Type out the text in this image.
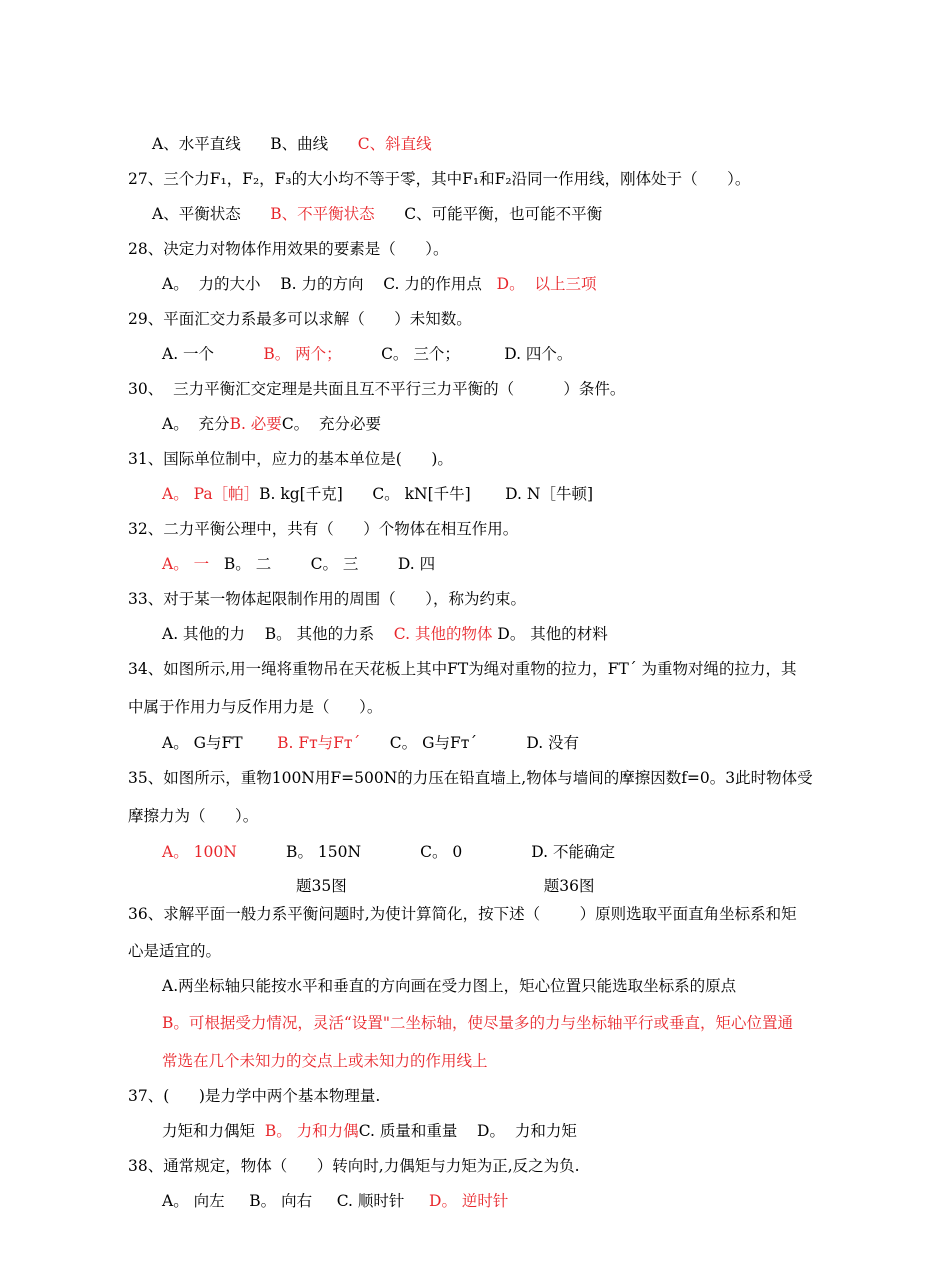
A、水平直线      B、曲线      C、斜直线
27、三个力F₁，F₂，F₃的大小均不等于零，其中F₁和F₂沿同一作用线，刚体处于（      ）。
A、平衡状态      B、不平衡状态      C、可能平衡，也可能不平衡
28、决定力对物体作用效果的要素是（      ）。
A。  力的大小    B. 力的方向    C. 力的作用点   D。  以上三项
29、平面汇交力系最多可以求解（      ）未知数。
A. 一个          B。 两个；        C。 三个；         D. 四个。
30、  三力平衡汇交定理是共面且互不平行三力平衡的（          ）条件。
A。  充分B. 必要C。  充分必要
31、国际单位制中，应力的基本单位是(      )。
A。 Pa［帕］B. kg[千克]      C。 kN[千牛]       D. N［牛顿]
32、二力平衡公理中，共有（      ）个物体在相互作用。
A。 一   B。 二        C。 三        D. 四
33、对于某一物体起限制作用的周围（      ），称为约束。
A. 其他的力    B。 其他的力系    C. 其他的物体 D。 其他的材料
34、如图所示,用一绳将重物吊在天花板上其中FT为绳对重物的拉力，FT´ 为重物对绳的拉力，其
中属于作用力与反作用力是（      ）。
A。 G与FT       B. Fᴛ与Fᴛ´      C。 G与Fᴛ´          D. 没有
35、如图所示，重物100N用F=500N的力压在铅直墙上,物体与墙间的摩擦因数f=0。3此时物体受
摩擦力为（      ）。
A。 100N          B。 150N            C。 0              D. 不能确定
题35图                                        题36图
36、求解平面一般力系平衡问题时,为使计算简化，按下述（        ）原则选取平面直角坐标系和矩
心是适宜的。
A.两坐标轴只能按水平和垂直的方向画在受力图上，矩心位置只能选取坐标系的原点
B。可根据受力情况，灵活“设置"二坐标轴，使尽量多的力与坐标轴平行或垂直，矩心位置通
常选在几个未知力的交点上或未知力的作用线上
37、(      )是力学中两个基本物理量.
力矩和力偶矩  B。 力和力偶C. 质量和重量    D。  力和力矩
38、通常规定，物体（      ）转向时,力偶矩与力矩为正,反之为负.
A。 向左     B。 向右     C. 顺时针     D。 逆时针
